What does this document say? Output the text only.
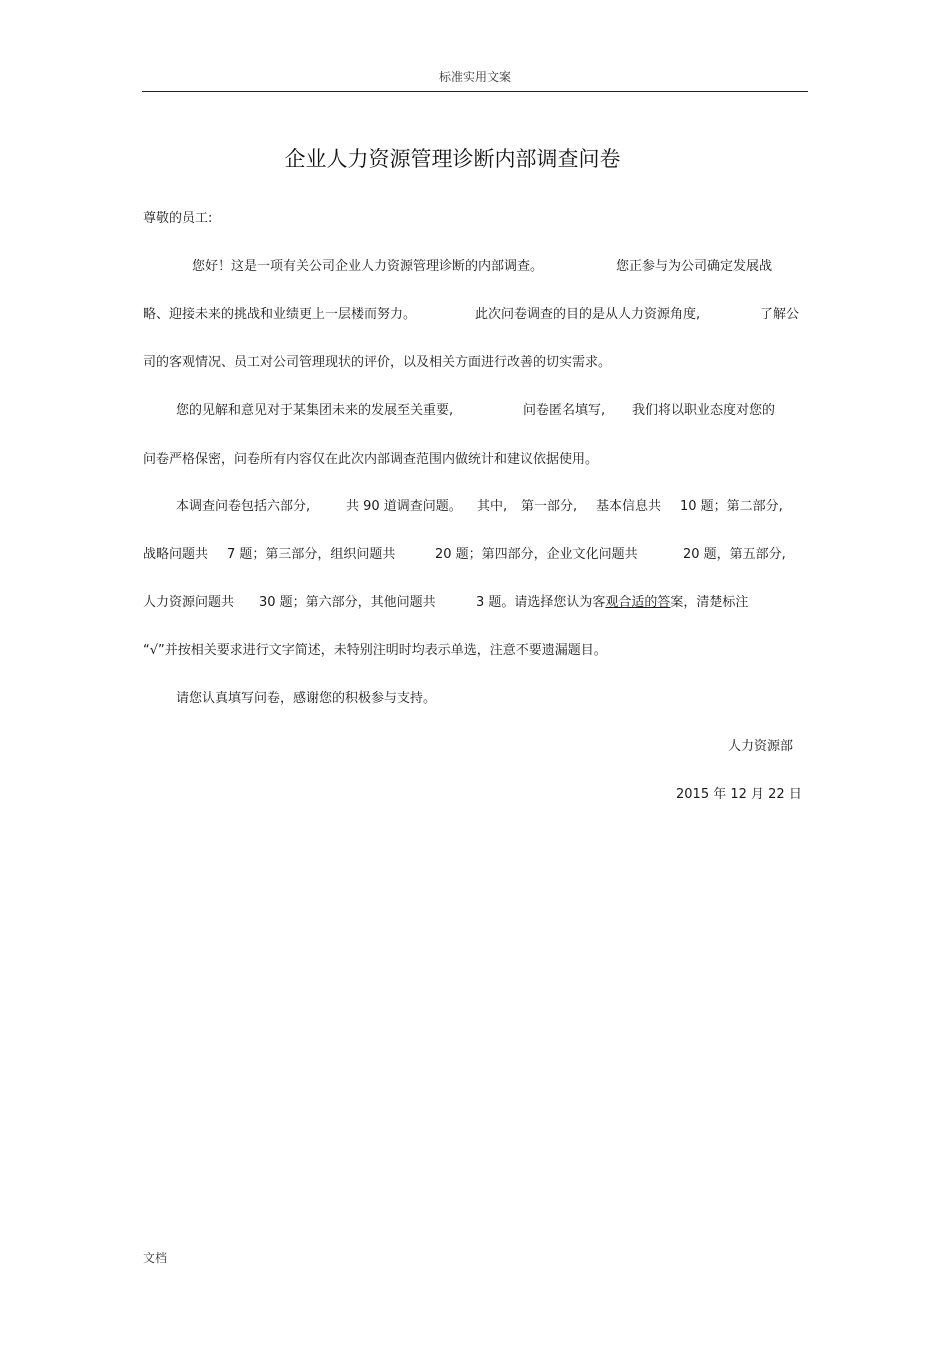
标准实用文案
企业人力资源管理诊断内部调查问卷
尊敬的员工:
您好！这是一项有关公司企业人力资源管理诊断的内部调查。	您正参与为公司确定发展战
略、迎接未来的挑战和业绩更上一层楼而努力。	此次问卷调查的目的是从人力资源角度,	了解公
司的客观情况、员工对公司管理现状的评价，以及相关方面进行改善的切实需求。
您的见解和意见对于某集团未来的发展至关重要,	问卷匿名填写, 我们将以职业态度对您的
问卷严格保密，问卷所有内容仅在此次内部调查范围内做统计和建议依据使用。
本调查问卷包括六部分,	共 90 道调查问题。 其中, 第一部分, 基本信息共 10 题；第二部分,
战略问题共 7 题；第三部分，组织问题共	20 题；第四部分，企业文化问题共	20 题，第五部分,
人力资源问题共 30 题；第六部分，其他问题共	3 题。请选择您认为客观合适的答案，清楚标注
“√”并按相关要求进行文字简述，未特别注明时均表示单选，注意不要遗漏题目。
请您认真填写问卷，感谢您的积极参与支持。
人力资源部
2015 年 12 月 22 日
文档
